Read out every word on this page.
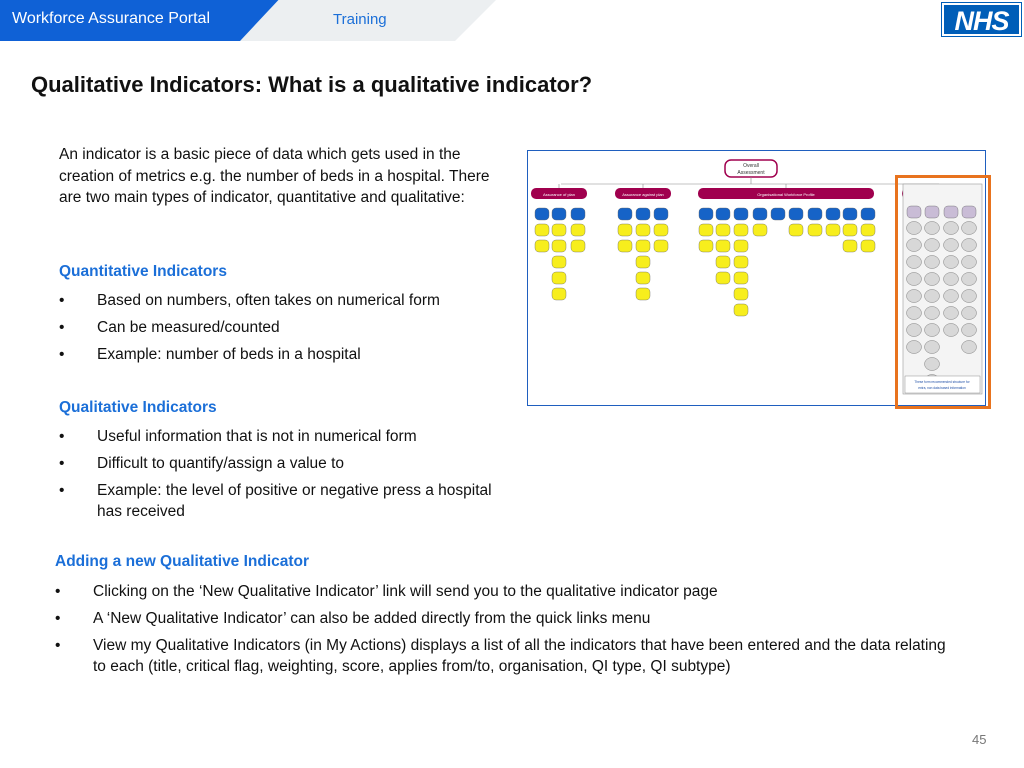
Workforce Assurance Portal	Training	NHS
Qualitative Indicators: What is a qualitative indicator?

An indicator is a basic piece of data which gets used in the creation of metrics e.g. the number of beds in a hospital. There are two main types of indicator, quantitative and qualitative:

Quantitative Indicators
• Based on numbers, often takes on numerical form
• Can be measured/counted
• Example: number of beds in a hospital
Qualitative Indicators
• Useful information that is not in numerical form
• Difficult to quantify/assign a value to
• Example: the level of positive or negative press a hospital has received
Adding a new Qualitative Indicator
• Clicking on the ‘New Qualitative Indicator’ link will send you to the qualitative indicator page
• A ‘New Qualitative Indicator’ can also be added directly from the quick links menu
• View my Qualitative Indicators (in My Actions) displays a list of all the indicators that have been entered and the data relating to each (title, critical flag, weighting, score, applies from/to, organisation, QI type, QI subtype)
Overall
Assessment
Assurance of plan	Assurance against plan	Organisational Workforce Profile
These form recommended structure for
extra, non data based information
45
